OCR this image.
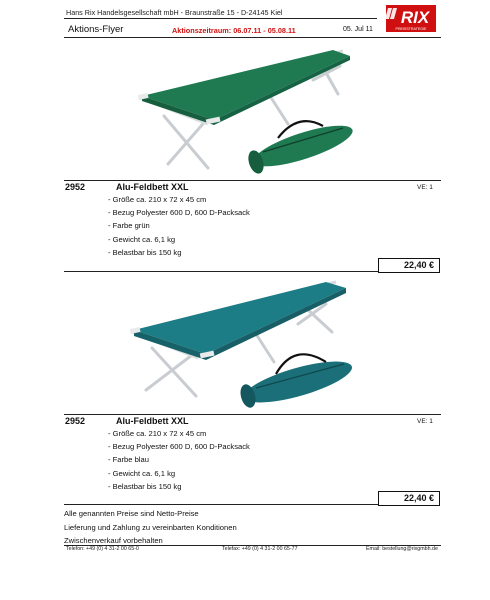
Hans Rix Handelsgesellschaft mbH - Braunstraße 15 - D-24145 Kiel
Aktions-Flyer	Aktionszeitraum: 06.07.11 - 05.08.11	05. Jul 11
RIX
PREISSTRATEGIE
2952	Alu-Feldbett XXL	VE: 1
- Größe ca. 210 x 72 x 45 cm
- Bezug Polyester 600 D, 600 D-Packsack
- Farbe grün
- Gewicht ca. 6,1 kg
- Belastbar bis 150 kg
22,40 €
2952	Alu-Feldbett XXL	VE: 1
- Größe ca. 210 x 72 x 45 cm
- Bezug Polyester 600 D, 600 D-Packsack
- Farbe blau
- Gewicht ca. 6,1 kg
- Belastbar bis 150 kg
22,40 €
Alle genannten Preise sind Netto-Preise
Lieferung und Zahlung zu vereinbarten Konditionen
Zwischenverkauf vorbehalten
Telefon: +49 (0) 4 31-2 00 65-0	Telefax: +49 (0) 4 31-2 00 65-77	Email: bestellung@rixgmbh.de
